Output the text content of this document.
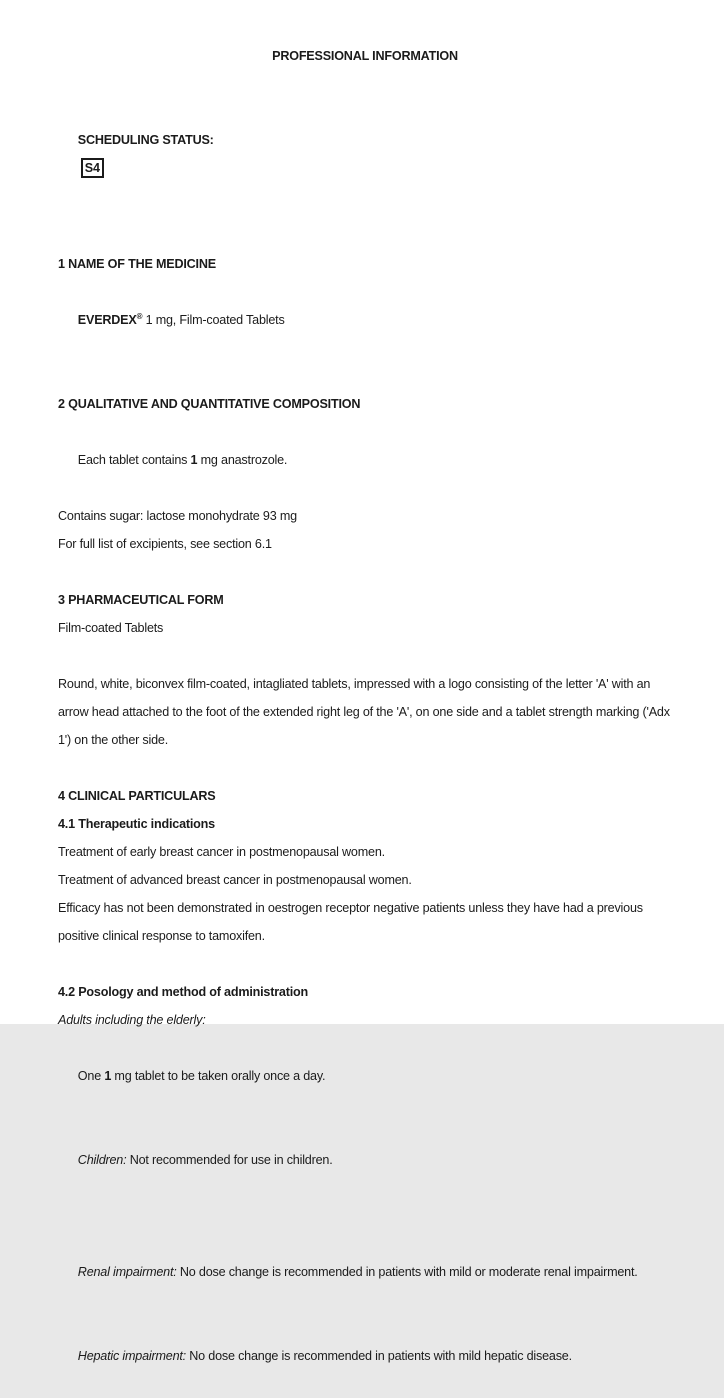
PROFESSIONAL INFORMATION

SCHEDULING STATUS:
S4

1 NAME OF THE MEDICINE

EVERDEX® 1 mg, Film-coated Tablets

2 QUALITATIVE AND QUANTITATIVE COMPOSITION

Each tablet contains 1 mg anastrozole.

Contains sugar: lactose monohydrate 93 mg
For full list of excipients, see section 6.1
3 PHARMACEUTICAL FORM
Film-coated Tablets
Round, white, biconvex film-coated, intagliated tablets, impressed with a logo consisting of the letter 'A' with an
arrow head attached to the foot of the extended right leg of the 'A', on one side and a tablet strength marking ('Adx
1') on the other side.
4 CLINICAL PARTICULARS
4.1 Therapeutic indications
Treatment of early breast cancer in postmenopausal women.
Treatment of advanced breast cancer in postmenopausal women.
Efficacy has not been demonstrated in oestrogen receptor negative patients unless they have had a previous
positive clinical response to tamoxifen.
4.2 Posology and method of administration
Adults including the elderly:

One 1 mg tablet to be taken orally once a day.

Children: Not recommended for use in children.

Renal impairment: No dose change is recommended in patients with mild or moderate renal impairment.

Hepatic impairment: No dose change is recommended in patients with mild hepatic disease.
